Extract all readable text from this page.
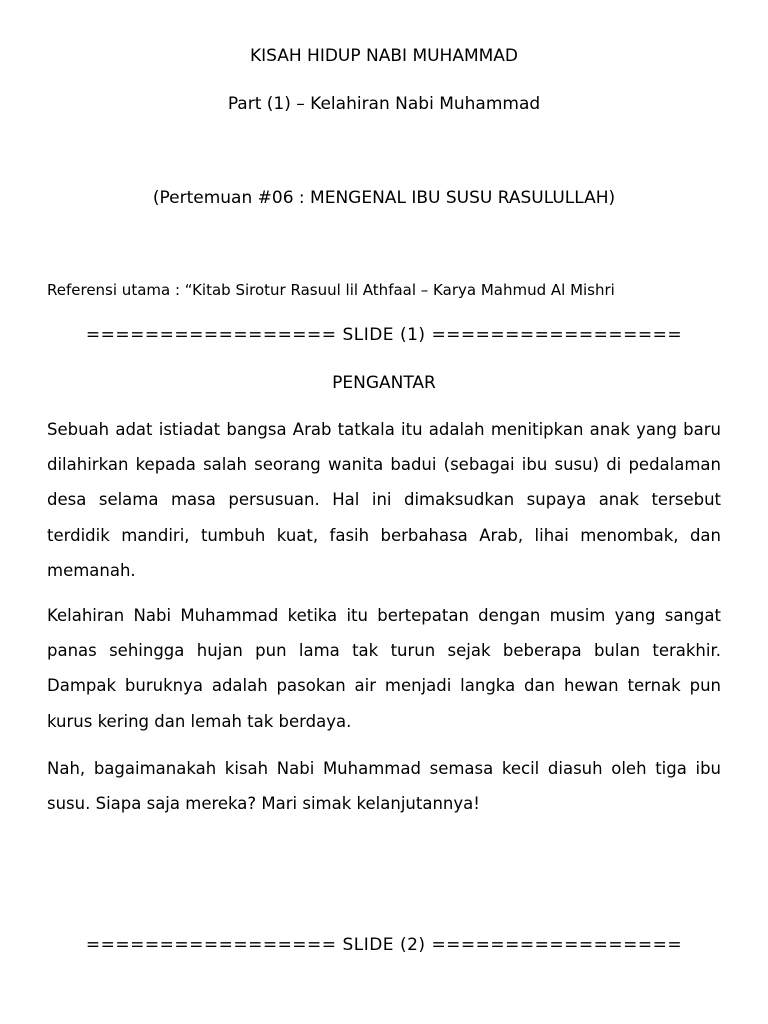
KISAH HIDUP NABI MUHAMMAD
Part (1) – Kelahiran Nabi Muhammad
(Pertemuan #06 : MENGENAL IBU SUSU RASULULLAH)
Referensi utama : “Kitab Sirotur Rasuul lil Athfaal – Karya Mahmud Al Mishri
================= SLIDE (1) =================
PENGANTAR

Sebuah adat istiadat bangsa Arab tatkala itu adalah menitipkan anak yang baru dilahirkan kepada salah seorang wanita badui (sebagai ibu susu) di pedalaman desa selama masa persusuan. Hal ini dimaksudkan supaya anak tersebut terdidik mandiri, tumbuh kuat, fasih berbahasa Arab, lihai menombak, dan memanah.

Kelahiran Nabi Muhammad ketika itu bertepatan dengan musim yang sangat panas sehingga hujan pun lama tak turun sejak beberapa bulan terakhir. Dampak buruknya adalah pasokan air menjadi langka dan hewan ternak pun kurus kering dan lemah tak berdaya.

Nah, bagaimanakah kisah Nabi Muhammad semasa kecil diasuh oleh tiga ibu susu. Siapa saja mereka? Mari simak kelanjutannya!

================= SLIDE (2) =================
